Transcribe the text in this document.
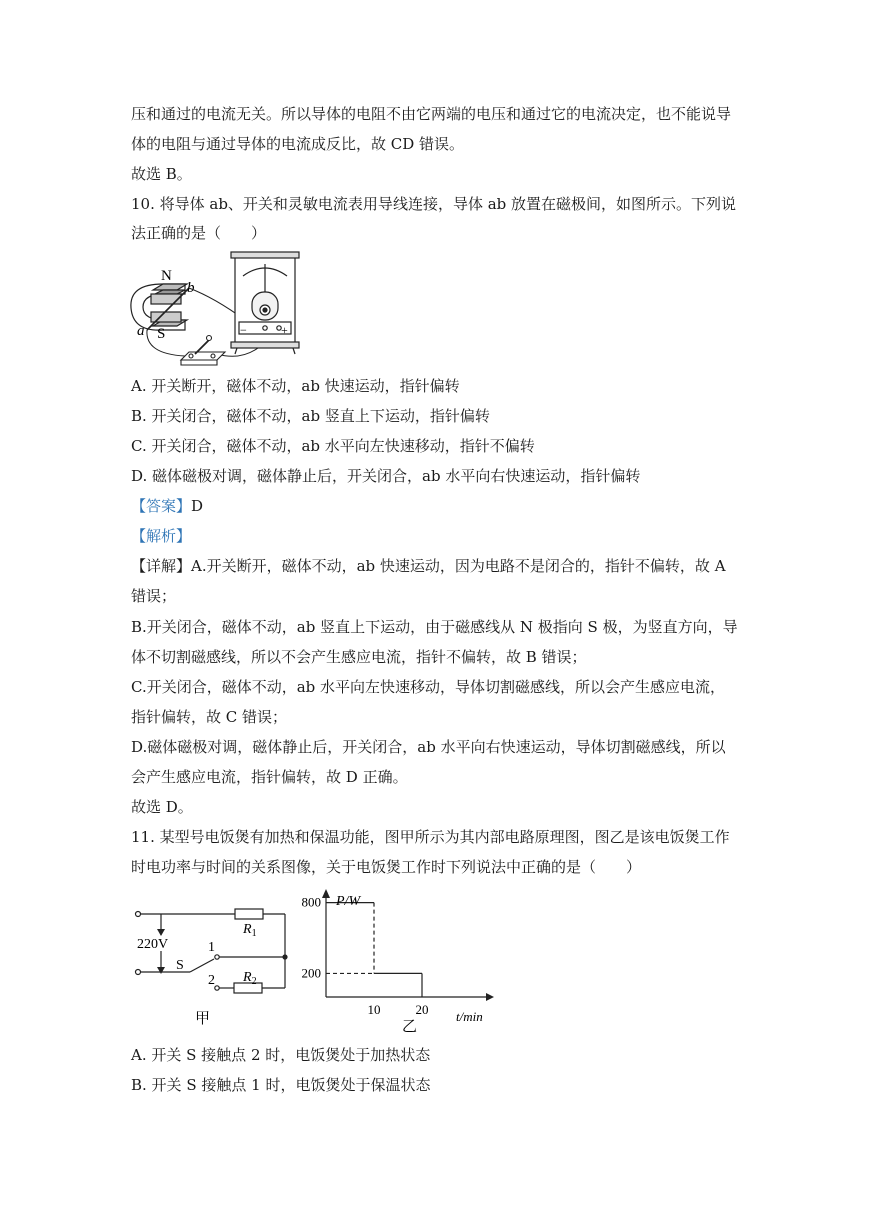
压和通过的电流无关。所以导体的电阻不由它两端的电压和通过它的电流决定，也不能说导
体的电阻与通过导体的电流成反比，故 CD 错误。
故选 B。
10. 将导体 ab、开关和灵敏电流表用导线连接，导体 ab 放置在磁极间，如图所示。下列说
法正确的是（　　）
N
S
a
b
+
−
A. 开关断开，磁体不动，ab 快速运动，指针偏转
B. 开关闭合，磁体不动，ab 竖直上下运动，指针偏转
C. 开关闭合，磁体不动，ab 水平向左快速移动，指针不偏转
D. 磁体磁极对调，磁体静止后，开关闭合，ab 水平向右快速运动，指针偏转
【答案】D
【解析】
【详解】A.开关断开，磁体不动，ab 快速运动，因为电路不是闭合的，指针不偏转，故 A
错误；
B.开关闭合，磁体不动，ab 竖直上下运动，由于磁感线从 N 极指向 S 极，为竖直方向，导
体不切割磁感线，所以不会产生感应电流，指针不偏转，故 B 错误；
C.开关闭合，磁体不动，ab 水平向左快速移动，导体切割磁感线，所以会产生感应电流，
指针偏转，故 C 错误；
D.磁体磁极对调，磁体静止后，开关闭合，ab 水平向右快速运动，导体切割磁感线，所以
会产生感应电流，指针偏转，故 D 正确。
故选 D。
11. 某型号电饭煲有加热和保温功能，图甲所示为其内部电路原理图，图乙是该电饭煲工作
时电功率与时间的关系图像，关于电饭煲工作时下列说法中正确的是（　　）
220V
S
1
2
$R_1$
$R_2$
甲
200
800
10	20
P/W
t/min
乙
A. 开关 S 接触点 2 时，电饭煲处于加热状态
B. 开关 S 接触点 1 时，电饭煲处于保温状态
